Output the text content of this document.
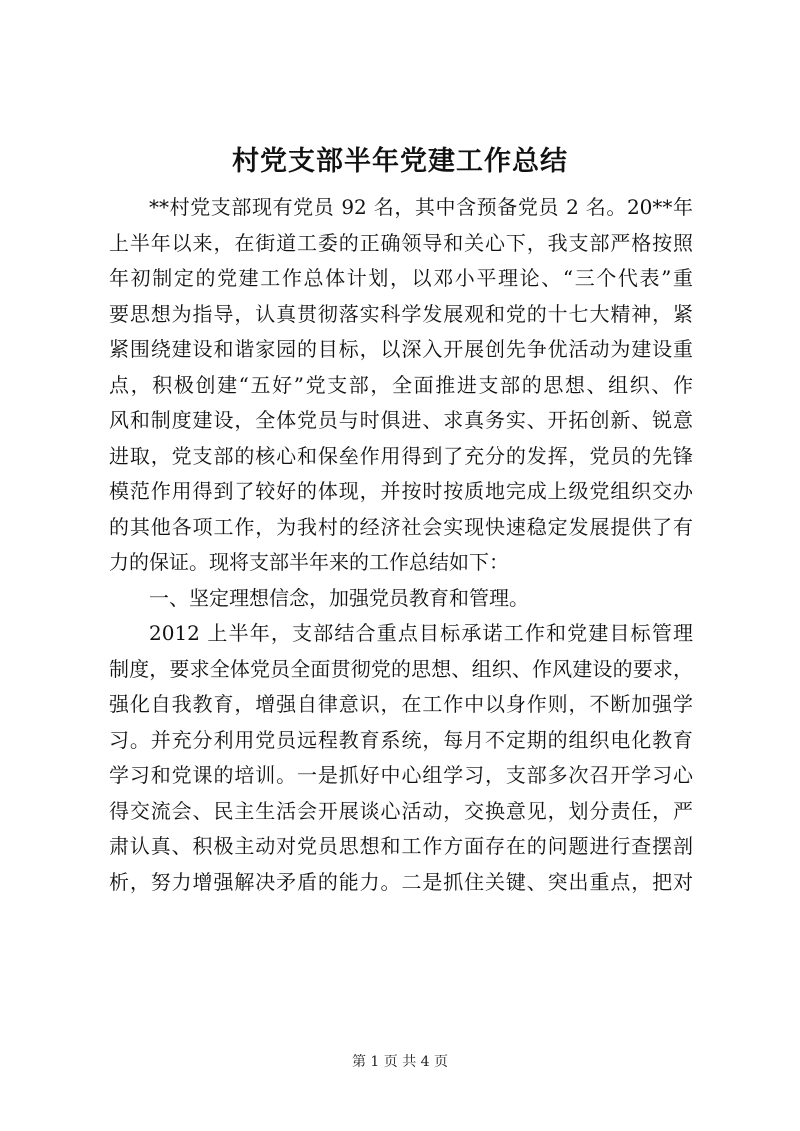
村党支部半年党建工作总结
**村党支部现有党员 92 名，其中含预备党员 2 名。20**年
上半年以来，在街道工委的正确领导和关心下，我支部严格按照
年初制定的党建工作总体计划，以邓小平理论、“三个代表”重
要思想为指导，认真贯彻落实科学发展观和党的十七大精神，紧
紧围绕建设和谐家园的目标，以深入开展创先争优活动为建设重
点，积极创建“五好”党支部，全面推进支部的思想、组织、作
风和制度建设，全体党员与时俱进、求真务实、开拓创新、锐意
进取，党支部的核心和保垒作用得到了充分的发挥，党员的先锋
模范作用得到了较好的体现，并按时按质地完成上级党组织交办
的其他各项工作，为我村的经济社会实现快速稳定发展提供了有
力的保证。现将支部半年来的工作总结如下：
一、坚定理想信念，加强党员教育和管理。
2012 上半年，支部结合重点目标承诺工作和党建目标管理
制度，要求全体党员全面贯彻党的思想、组织、作风建设的要求，
强化自我教育，增强自律意识，在工作中以身作则，不断加强学
习。并充分利用党员远程教育系统，每月不定期的组织电化教育
学习和党课的培训。一是抓好中心组学习，支部多次召开学习心
得交流会、民主生活会开展谈心活动，交换意见，划分责任，严
肃认真、积极主动对党员思想和工作方面存在的问题进行查摆剖
析，努力增强解决矛盾的能力。二是抓住关键、突出重点，把对
第 1 页 共 4 页
